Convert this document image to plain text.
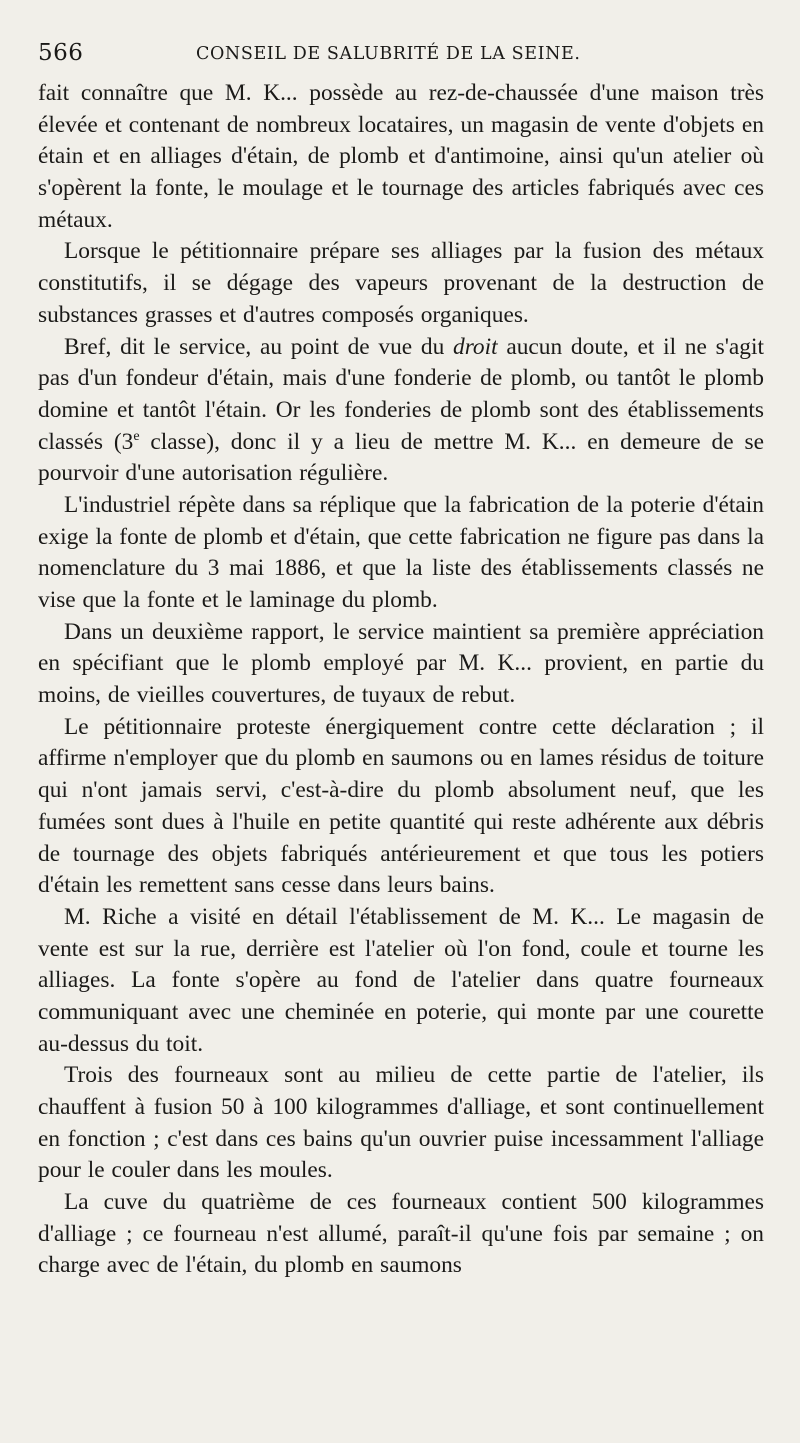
566	CONSEIL DE SALUBRITÉ DE LA SEINE.

fait connaître que M. K... possède au rez-de-chaussée d'une maison très élevée et contenant de nombreux locataires, un magasin de vente d'objets en étain et en alliages d'étain, de plomb et d'antimoine, ainsi qu'un atelier où s'opèrent la fonte, le moulage et le tournage des articles fabriqués avec ces métaux.

Lorsque le pétitionnaire prépare ses alliages par la fusion des métaux constitutifs, il se dégage des vapeurs provenant de la destruction de substances grasses et d'autres composés organiques.

Bref, dit le service, au point de vue du droit aucun doute, et il ne s'agit pas d'un fondeur d'étain, mais d'une fonderie de plomb, ou tantôt le plomb domine et tantôt l'étain. Or les fonderies de plomb sont des établissements classés (3e classe), donc il y a lieu de mettre M. K... en demeure de se pourvoir d'une autorisation régulière.

L'industriel répète dans sa réplique que la fabrication de la poterie d'étain exige la fonte de plomb et d'étain, que cette fabrication ne figure pas dans la nomenclature du 3 mai 1886, et que la liste des établissements classés ne vise que la fonte et le laminage du plomb.

Dans un deuxième rapport, le service maintient sa première appréciation en spécifiant que le plomb employé par M. K... provient, en partie du moins, de vieilles couvertures, de tuyaux de rebut.

Le pétitionnaire proteste énergiquement contre cette déclaration ; il affirme n'employer que du plomb en saumons ou en lames résidus de toiture qui n'ont jamais servi, c'est-à-dire du plomb absolument neuf, que les fumées sont dues à l'huile en petite quantité qui reste adhérente aux débris de tournage des objets fabriqués antérieurement et que tous les potiers d'étain les remettent sans cesse dans leurs bains.

M. Riche a visité en détail l'établissement de M. K... Le magasin de vente est sur la rue, derrière est l'atelier où l'on fond, coule et tourne les alliages. La fonte s'opère au fond de l'atelier dans quatre fourneaux communiquant avec une cheminée en poterie, qui monte par une courette au-dessus du toit.

Trois des fourneaux sont au milieu de cette partie de l'atelier, ils chauffent à fusion 50 à 100 kilogrammes d'alliage, et sont continuellement en fonction ; c'est dans ces bains qu'un ouvrier puise incessamment l'alliage pour le couler dans les moules.

La cuve du quatrième de ces fourneaux contient 500 kilogrammes d'alliage ; ce fourneau n'est allumé, paraît-il qu'une fois par semaine ; on charge avec de l'étain, du plomb en saumons
